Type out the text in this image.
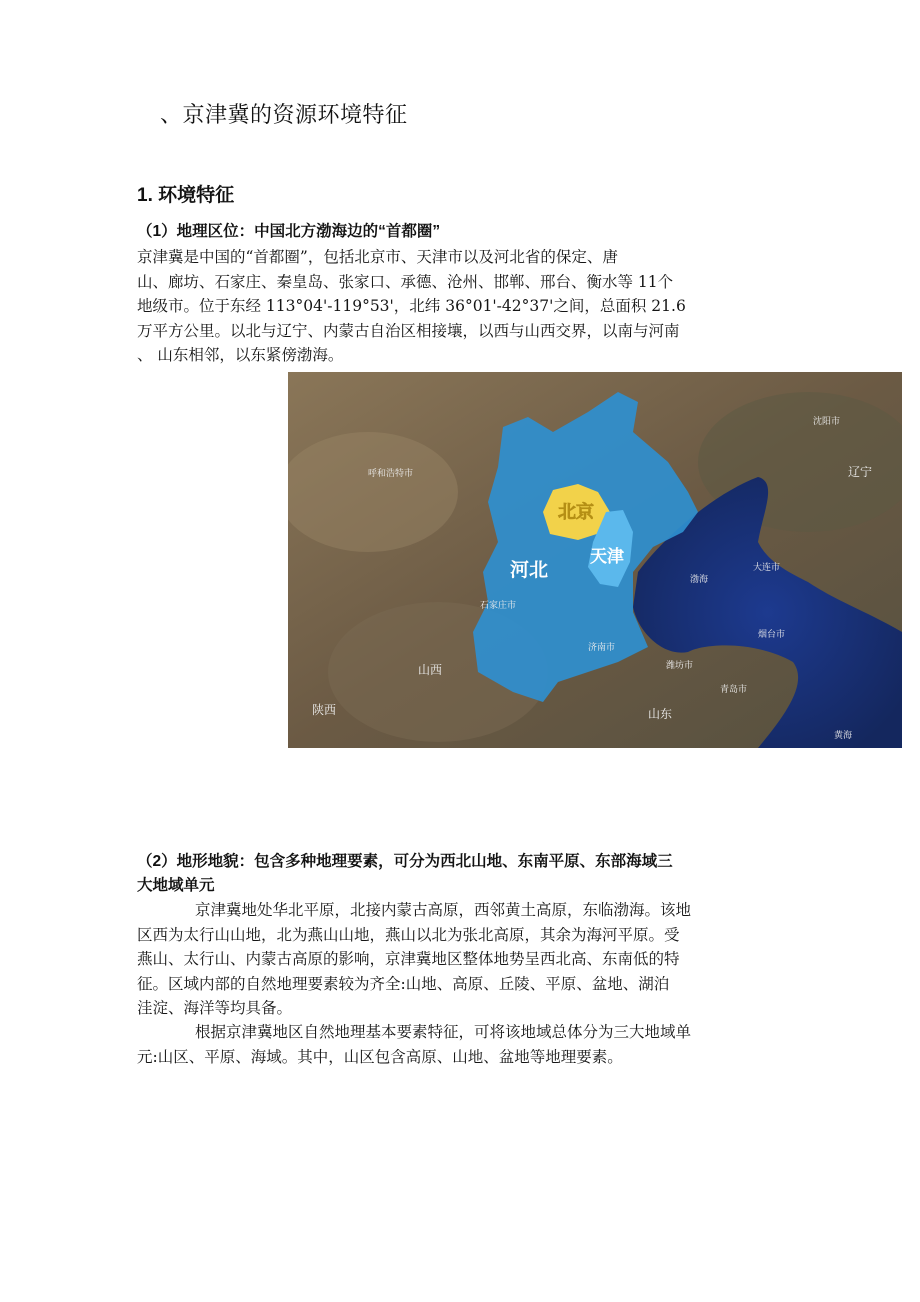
、京津冀的资源环境特征
1. 环境特征
（1）地理区位：中国北方渤海边的“首都圈”
京津冀是中国的“首都圈”，包括北京市、天津市以及河北省的保定、唐
山、廊坊、石家庄、秦皇岛、张家口、承德、沧州、邯郸、邢台、衡水等 11个
地级市。位于东经 113°04'-119°53'，北纬 36°01'-42°37'之间，总面积 21.6
万平方公里。以北与辽宁、内蒙古自治区相接壤，以西与山西交界，以南与河南
、 山东相邻，以东紧傍渤海。
北京
天津
河北
辽宁
山西
陕西	山东
渤海
大连市
烟台市
沈阳市
济南市
石家庄市
呼和浩特市
潍坊市
青岛市
黄海
（2）地形地貌：包含多种地理要素，可分为西北山地、东南平原、东部海域三
大地域单元
京津冀地处华北平原，北接内蒙古高原，西邻黄土高原，东临渤海。该地
区西为太行山山地，北为燕山山地，燕山以北为张北高原，其余为海河平原。受
燕山、太行山、内蒙古高原的影响，京津冀地区整体地势呈西北高、东南低的特
征。区域内部的自然地理要素较为齐全:山地、高原、丘陵、平原、盆地、湖泊
洼淀、海洋等均具备。
根据京津冀地区自然地理基本要素特征，可将该地域总体分为三大地域单
元:山区、平原、海域。其中，山区包含高原、山地、盆地等地理要素。
